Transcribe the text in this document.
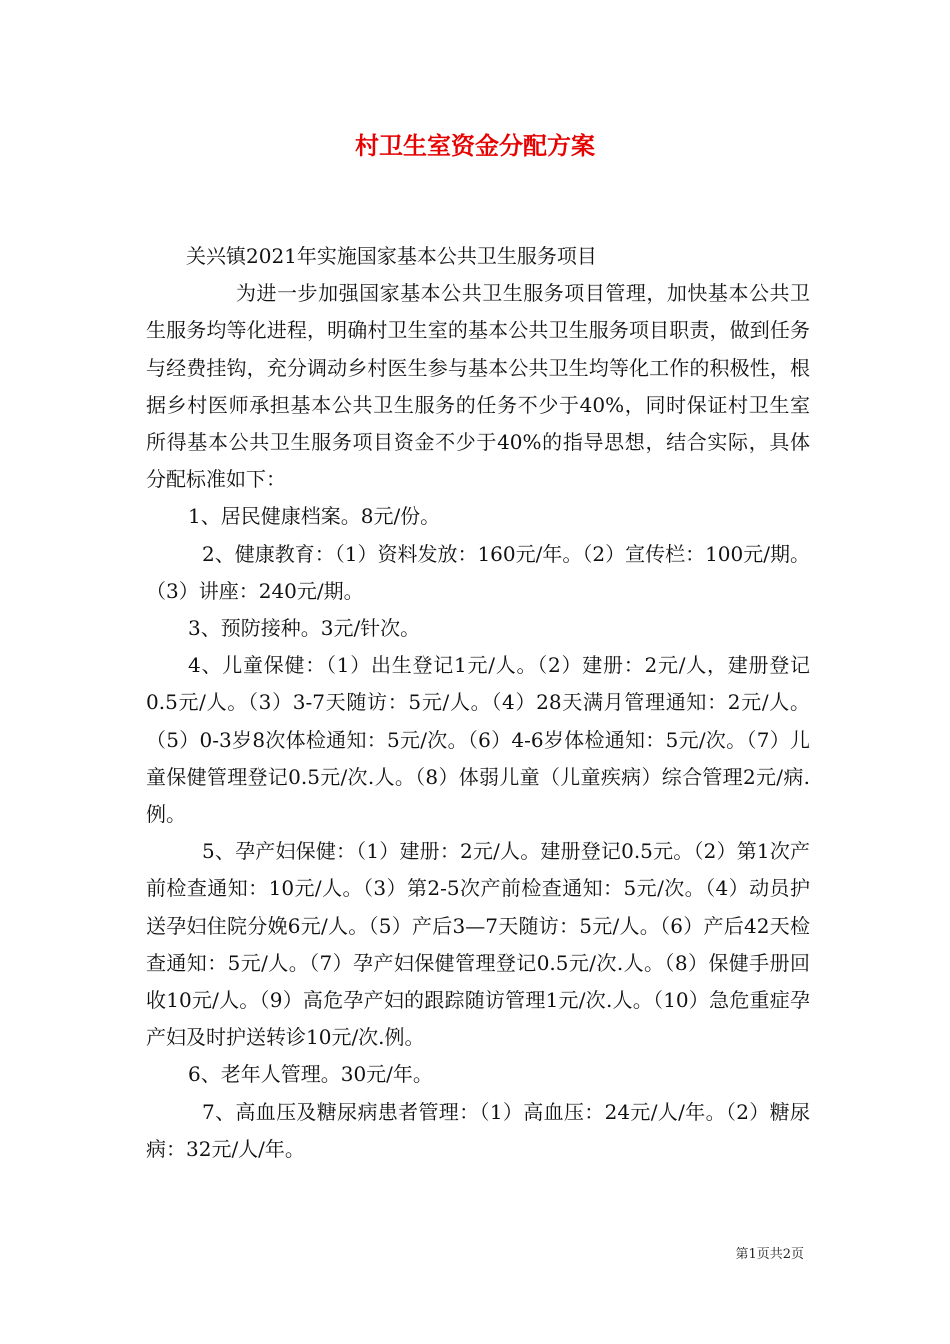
村卫生室资金分配方案

关兴镇2021年实施国家基本公共卫生服务项目

为进一步加强国家基本公共卫生服务项目管理，加快基本公共卫生服务均等化进程，明确村卫生室的基本公共卫生服务项目职责，做到任务与经费挂钩，充分调动乡村医生参与基本公共卫生均等化工作的积极性，根据乡村医师承担基本公共卫生服务的任务不少于40%，同时保证村卫生室所得基本公共卫生服务项目资金不少于40%的指导思想，结合实际，具体分配标准如下：

1、居民健康档案。8元/份。

2、健康教育：（1）资料发放：160元/年。（2）宣传栏：100元/期。（3）讲座：240元/期。

3、预防接种。3元/针次。

4、儿童保健：（1）出生登记1元/人。（2）建册：2元/人，建册登记0.5元/人。（3）3-7天随访：5元/人。（4）28天满月管理通知：2元/人。（5）0-3岁8次体检通知：5元/次。（6）4-6岁体检通知：5元/次。（7）儿童保健管理登记0.5元/次.人。（8）体弱儿童（儿童疾病）综合管理2元/病.例。

5、孕产妇保健：（1）建册：2元/人。建册登记0.5元。（2）第1次产前检查通知：10元/人。（3）第2-5次产前检查通知：5元/次。（4）动员护送孕妇住院分娩6元/人。（5）产后3—7天随访：5元/人。（6）产后42天检查通知：5元/人。（7）孕产妇保健管理登记0.5元/次.人。（8）保健手册回收10元/人。（9）高危孕产妇的跟踪随访管理1元/次.人。（10）急危重症孕产妇及时护送转诊10元/次.例。

6、老年人管理。30元/年。

7、高血压及糖尿病患者管理：（1）高血压：24元/人/年。（2）糖尿病：32元/人/年。

第1页共2页
